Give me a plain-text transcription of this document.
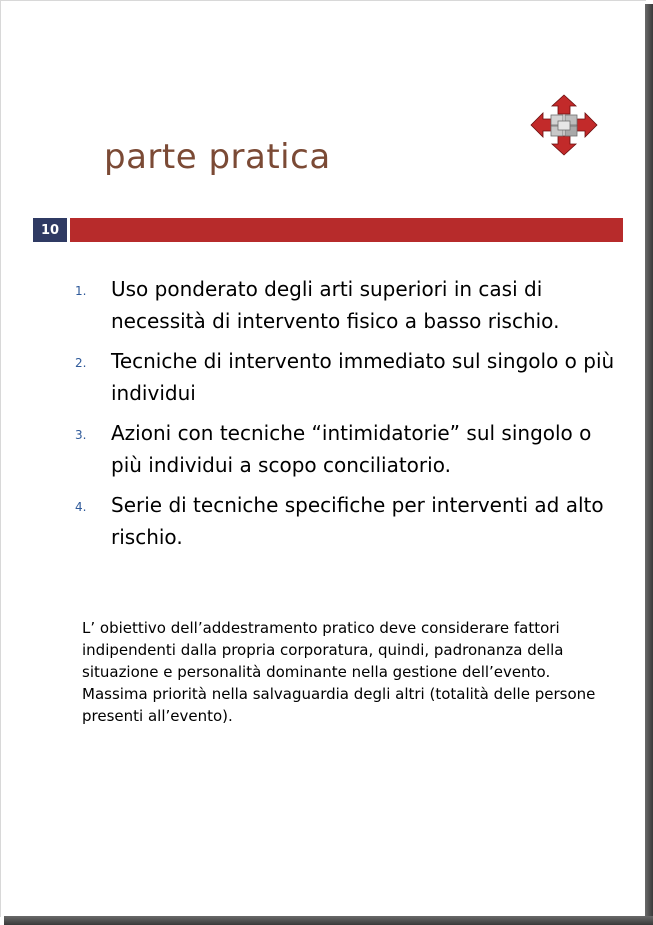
parte pratica
10
1. Uso ponderato degli arti superiori in casi di necessità di intervento fisico a basso rischio.
2. Tecniche di intervento immediato sul singolo o più individui
3. Azioni con tecniche “intimidatorie” sul singolo o più individui a scopo conciliatorio.
4. Serie di tecniche specifiche per interventi ad alto rischio.
L’ obiettivo dell’addestramento pratico deve considerare fattori indipendenti dalla propria corporatura, quindi, padronanza della situazione e personalità dominante nella gestione dell’evento. Massima priorità nella salvaguardia degli altri (totalità delle persone presenti all’evento).
